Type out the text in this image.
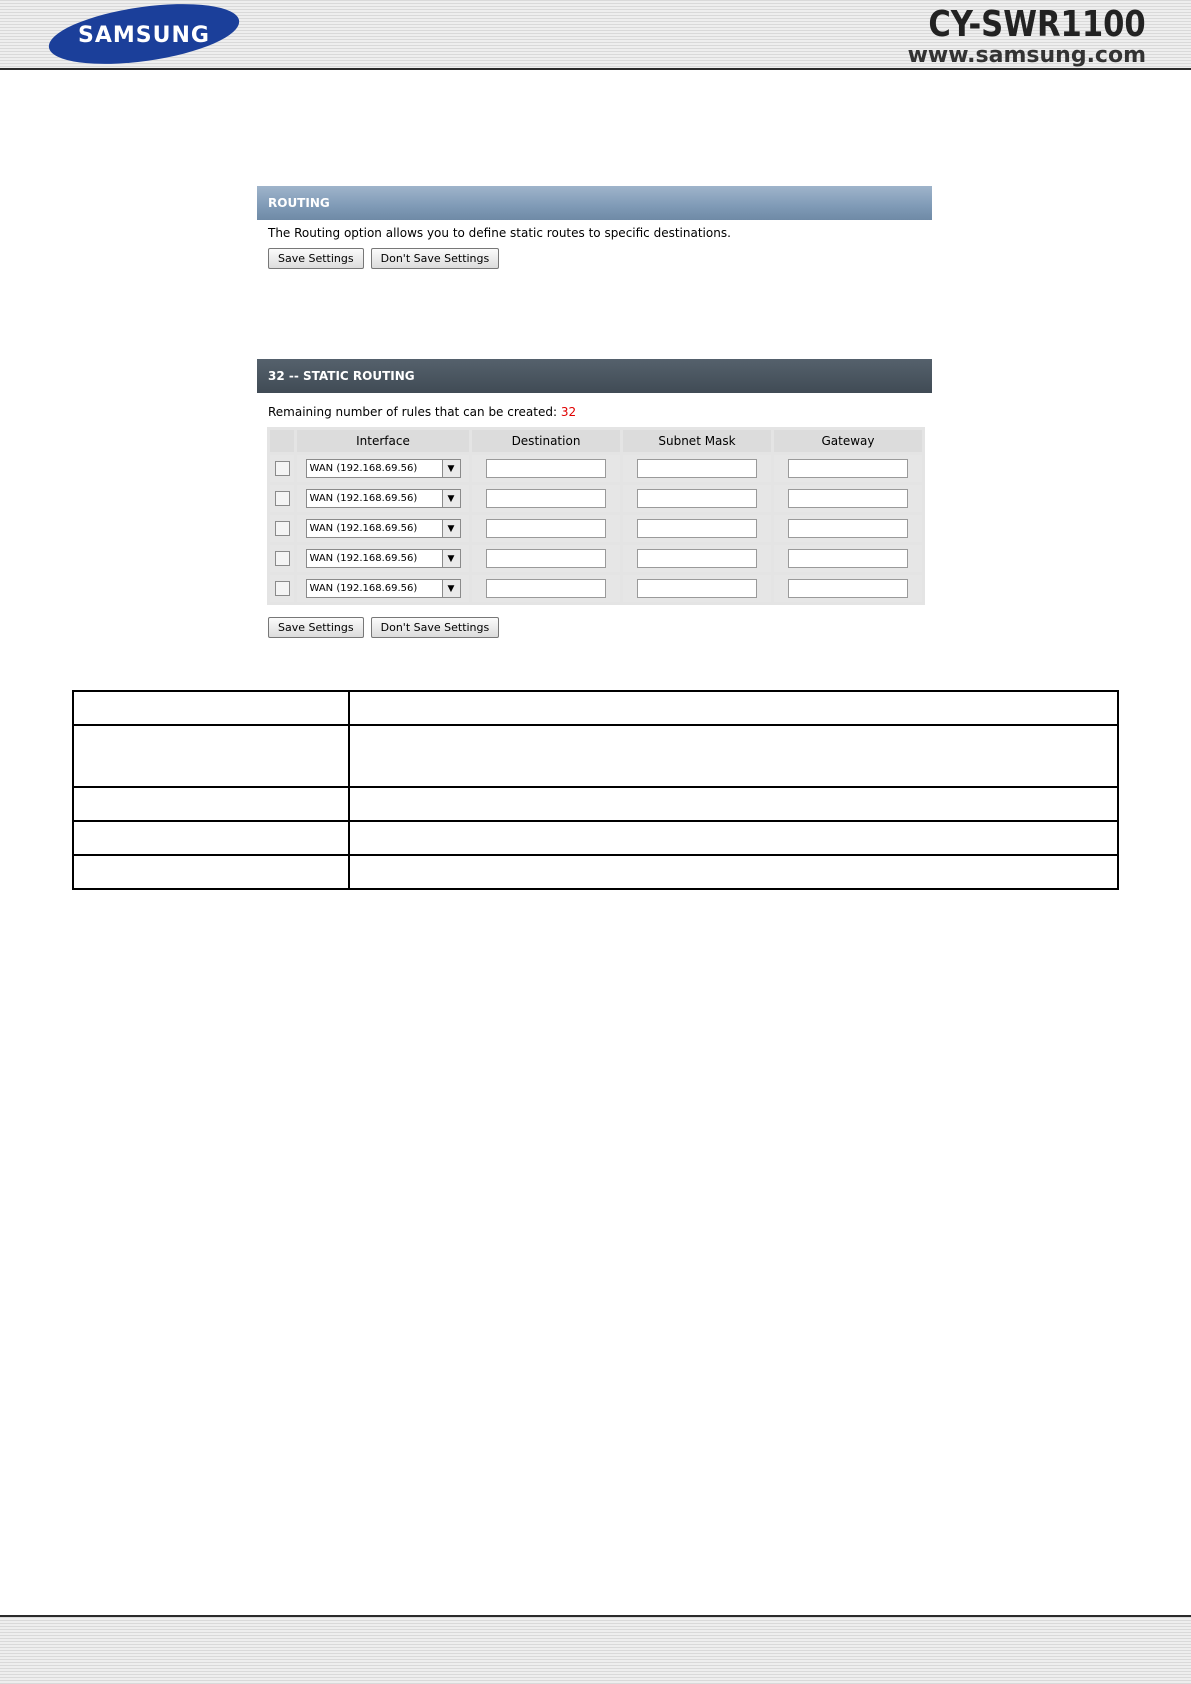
SAMSUNG	CY-SWR1100
www.samsung.com
ROUTING
The Routing option allows you to define static routes to specific destinations.
Save Settings	Don't Save Settings
32 -- STATIC ROUTING
Remaining number of rules that can be created: 32
	Interface	Destination	Subnet Mask	Gateway

	WAN (192.168.69.56) ▼			

	WAN (192.168.69.56) ▼			

	WAN (192.168.69.56) ▼			

	WAN (192.168.69.56) ▼			

	WAN (192.168.69.56) ▼			

Save Settings	Don't Save Settings
